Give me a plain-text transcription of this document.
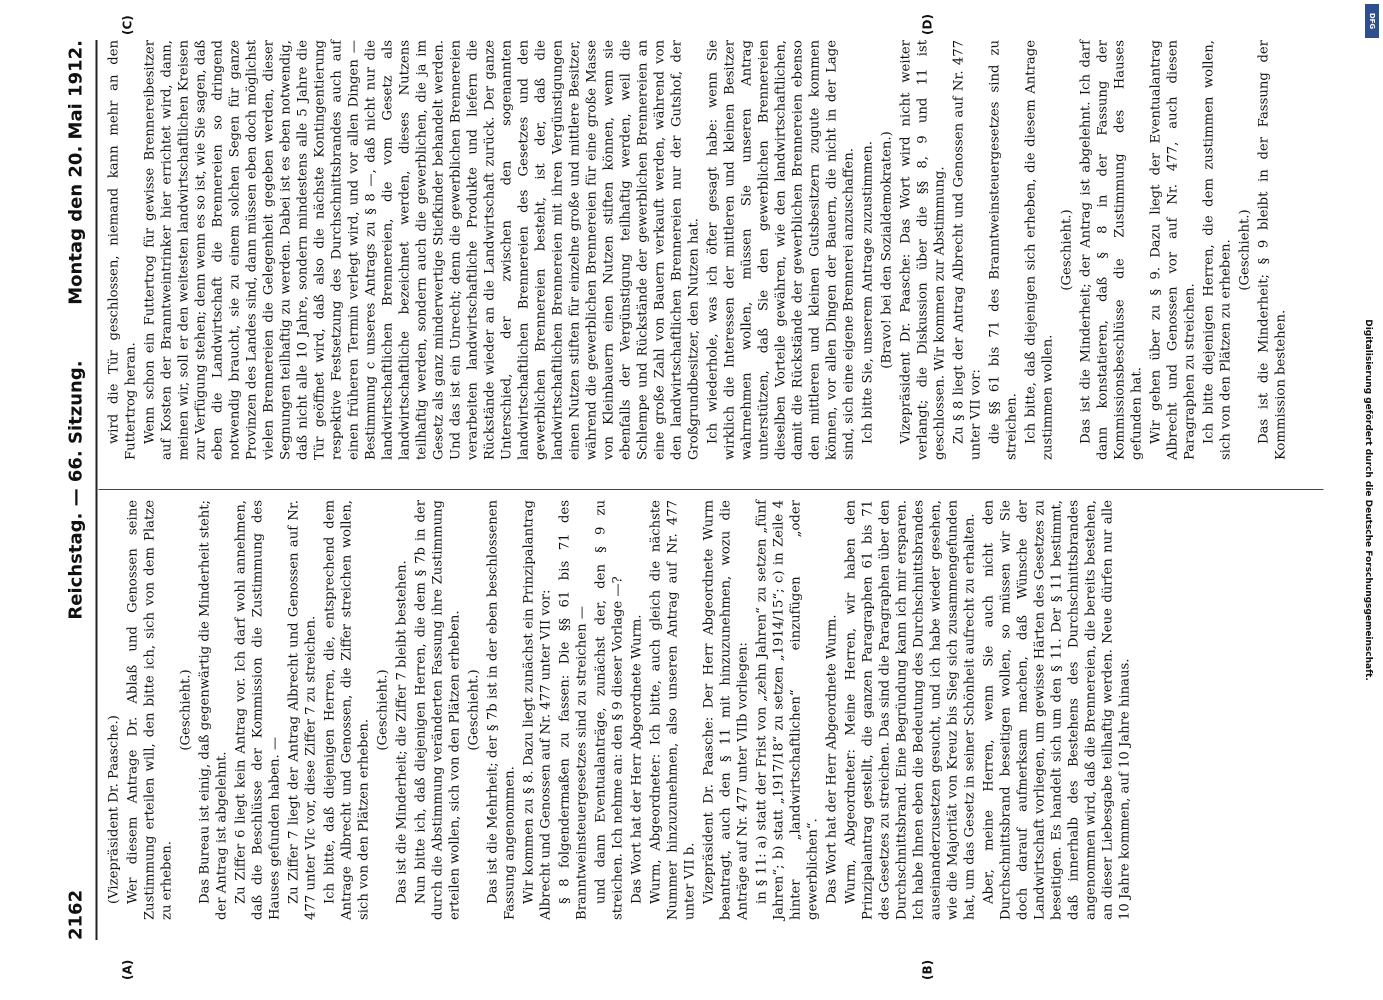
2162
Reichstag. — 66. Sitzung.
Montag den 20. Mai 1912.
(A)	(B)
(C)	(D)

(Vizepräsident Dr. Paasche.) Wer diesem Antrage Dr. Ablaß und Genossen seine Zustimmung erteilen will, den bitte ich, sich von dem Platze zu erheben.

(Geschieht.) Das Bureau ist einig, daß gegenwärtig die Minderheit steht; der Antrag ist abgelehnt. Zu Ziffer 6 liegt kein Antrag vor. Ich darf wohl annehmen, daß die Beschlüsse der Kommission die Zustimmung des Hauses gefunden haben. — Zu Ziffer 7 liegt der Antrag Albrecht und Genossen auf Nr. 477 unter VIc vor, diese Ziffer 7 zu streichen. Ich bitte, daß diejenigen Herren, die, entsprechend dem Antrage Albrecht und Genossen, die Ziffer streichen wollen, sich von den Plätzen erheben.

(Geschieht.) Das ist die Minderheit; die Ziffer 7 bleibt bestehen. Nun bitte ich, daß diejenigen Herren, die dem § 7b in der durch die Abstimmung veränderten Fassung ihre Zustimmung erteilen wollen, sich von den Plätzen erheben. (Geschieht.) Das ist die Mehrheit; der § 7b ist in der eben beschlossenen Fassung angenommen. Wir kommen zu § 8. Dazu liegt zunächst ein Prinzipalantrag Albrecht und Genossen auf Nr. 477 unter VII vor: § 8 folgendermaßen zu fassen: Die §§ 61 bis 71 des Branntweinsteuergesetzes sind zu streichen — und dann Eventualanträge, zunächst der, den § 9 zu streichen. Ich nehme an: den § 9 dieser Vorlage —? Das Wort hat der Herr Abgeordnete Wurm. Wurm, Abgeordneter: Ich bitte, auch gleich die nächste Nummer hinzuzunehmen, also unseren Antrag auf Nr. 477 unter VII b. Vizepräsident Dr. Paasche: Der Herr Abgeordnete Wurm beantragt, auch den § 11 mit hinzuzunehmen, wozu die Anträge auf Nr. 477 unter VIIb vorliegen: in § 11: a) statt der Frist von „zehn Jahren“ zu setzen „fünf Jahren“; b) statt „1917/18“ zu setzen „1914/15“; c) in Zeile 4 hinter „landwirtschaftlichen“ einzufügen „oder gewerblichen“. Das Wort hat der Herr Abgeordnete Wurm. Wurm, Abgeordneter: Meine Herren, wir haben den Prinzipalantrag gestellt, die ganzen Paragraphen 61 bis 71 des Gesetzes zu streichen. Das sind die Paragraphen über den Durchschnittsbrand. Eine Begründung kann ich mir ersparen. Ich habe Ihnen eben die Bedeutung des Durchschnittsbrandes auseinanderzusetzen gesucht, und ich habe wieder gesehen, wie die Majorität von Kreuz bis Sieg sich zusammengefunden hat, um das Gesetz in seiner Schönheit aufrecht zu erhalten. Aber, meine Herren, wenn Sie auch nicht den Durchschnittsbrand beseitigen wollen, so müssen wir Sie doch darauf aufmerksam machen, daß Wünsche der Landwirtschaft vorliegen, um gewisse Härten des Gesetzes zu beseitigen. Es handelt sich um den § 11. Der § 11 bestimmt, daß innerhalb des Bestehens des Durchschnittsbrandes angenommen wird, daß die Brennereien, die bereits bestehen, an dieser Liebesgabe teilhaftig werden. Neue dürfen nur alle 10 Jahre kommen, auf 10 Jahre hinaus.

wird die Tür geschlossen, niemand kann mehr an den Futtertrog heran. Wenn schon ein Futtertrog für gewisse Brennereibesitzer auf Kosten der Branntweintrinker hier errichtet wird, dann, meinen wir, soll er den weitesten landwirtschaftlichen Kreisen zur Verfügung stehen; denn wenn es so ist, wie Sie sagen, daß eben die Landwirtschaft die Brennereien so dringend notwendig braucht, sie zu einem solchen Segen für ganze Provinzen des Landes sind, dann müssen eben doch möglichst vielen Brennereien die Gelegenheit gegeben werden, dieser Segnungen teilhaftig zu werden. Dabei ist es eben notwendig, daß nicht alle 10 Jahre, sondern mindestens alle 5 Jahre die Tür geöffnet wird, daß also die nächste Kontingentierung respektive Festsetzung des Durchschnittsbrandes auch auf einen früheren Termin verlegt wird, und vor allen Dingen — Bestimmung c unseres Antrags zu § 8 —, daß nicht nur die landwirtschaftlichen Brennereien, die vom Gesetz als landwirtschaftliche bezeichnet werden, dieses Nutzens teilhaftig werden, sondern auch die gewerblichen, die ja im Gesetz als ganz minderwertige Stiefkinder behandelt werden. Und das ist ein Unrecht; denn die gewerblichen Brennereien verarbeiten landwirtschaftliche Produkte und liefern die Rückstände wieder an die Landwirtschaft zurück. Der ganze Unterschied, der zwischen den sogenannten landwirtschaftlichen Brennereien des Gesetzes und den gewerblichen Brennereien besteht, ist der, daß die landwirtschaftlichen Brennereien mit ihren Vergünstigungen einen Nutzen stiften für einzelne große und mittlere Besitzer, während die gewerblichen Brennereien für eine große Masse von Kleinbauern einen Nutzen stiften können, wenn sie ebenfalls der Vergünstigung teilhaftig werden, weil die Schlempe und Rückstände der gewerblichen Brennereien an eine große Zahl von Bauern verkauft werden, während von den landwirtschaftlichen Brennereien nur der Gutshof, der Großgrundbesitzer, den Nutzen hat. Ich wiederhole, was ich öfter gesagt habe: wenn Sie wirklich die Interessen der mittleren und kleinen Besitzer wahrnehmen wollen, müssen Sie unseren Antrag unterstützen, daß Sie den gewerblichen Brennereien dieselben Vorteile gewähren, wie den landwirtschaftlichen, damit die Rückstände der gewerblichen Brennereien ebenso den mittleren und kleinen Gutsbesitzern zugute kommen können, vor allen Dingen der Bauern, die nicht in der Lage sind, sich eine eigene Brennerei anzuschaffen. Ich bitte Sie, unserem Antrage zuzustimmen. (Bravo! bei den Sozialdemokraten.) Vizepräsident Dr. Paasche: Das Wort wird nicht weiter verlangt; die Diskussion über die §§ 8, 9 und 11 ist geschlossen. Wir kommen zur Abstimmung. Zu § 8 liegt der Antrag Albrecht und Genossen auf Nr. 477 unter VII vor: die §§ 61 bis 71 des Branntweinsteuergesetzes sind zu streichen. Ich bitte, daß diejenigen sich erheben, die diesem Antrage zustimmen wollen.

(Geschieht.) Das ist die Minderheit; der Antrag ist abgelehnt. Ich darf dann konstatieren, daß § 8 in der Fassung der Kommissionsbeschlüsse die Zustimmung des Hauses gefunden hat. Wir gehen über zu § 9. Dazu liegt der Eventualantrag Albrecht und Genossen vor auf Nr. 477, auch diesen Paragraphen zu streichen. Ich bitte diejenigen Herren, die dem zustimmen wollen, sich von den Plätzen zu erheben. (Geschieht.) Das ist die Minderheit; § 9 bleibt in der Fassung der Kommission bestehen.	Digitalisierung gefördert durch die Deutsche Forschungsgemeinschaft.
DFG
